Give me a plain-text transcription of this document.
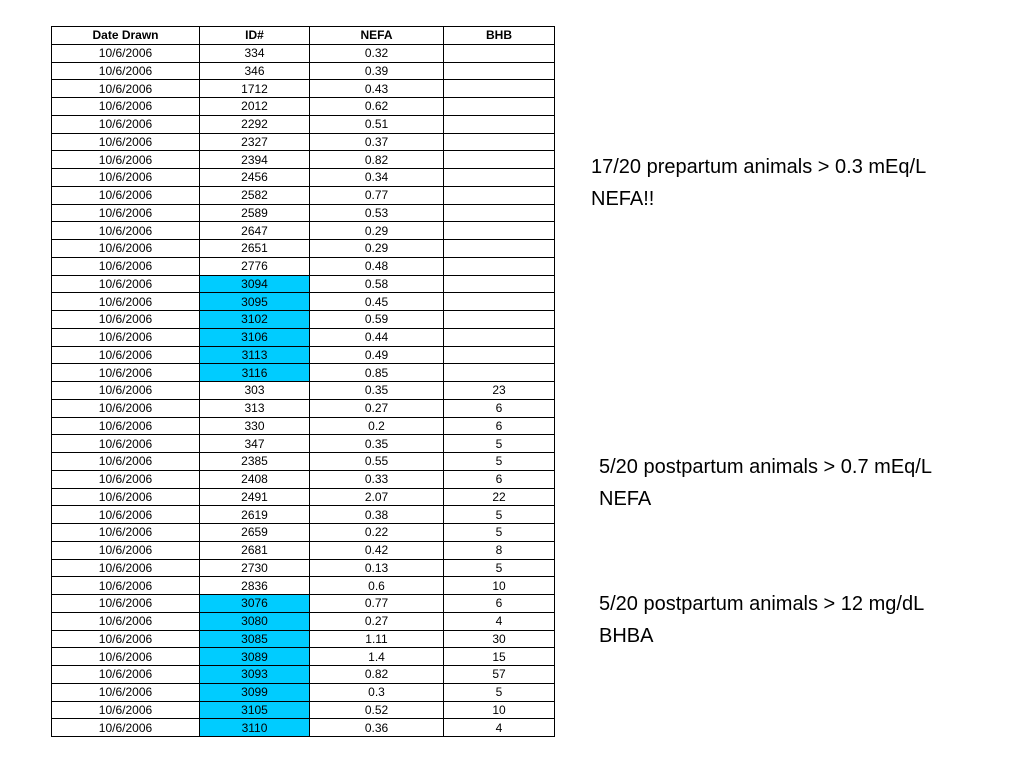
Date Drawn	ID#	NEFA	BHB
10/6/2006	334	0.32	
10/6/2006	346	0.39	
10/6/2006	1712	0.43	
10/6/2006	2012	0.62	
10/6/2006	2292	0.51	
10/6/2006	2327	0.37	
10/6/2006	2394	0.82	
10/6/2006	2456	0.34	
10/6/2006	2582	0.77	
10/6/2006	2589	0.53	
10/6/2006	2647	0.29	
10/6/2006	2651	0.29	
10/6/2006	2776	0.48	
10/6/2006	3094	0.58	
10/6/2006	3095	0.45	
10/6/2006	3102	0.59	
10/6/2006	3106	0.44	
10/6/2006	3113	0.49	
10/6/2006	3116	0.85	
10/6/2006	303	0.35	23
10/6/2006	313	0.27	6
10/6/2006	330	0.2	6
10/6/2006	347	0.35	5
10/6/2006	2385	0.55	5
10/6/2006	2408	0.33	6
10/6/2006	2491	2.07	22
10/6/2006	2619	0.38	5
10/6/2006	2659	0.22	5
10/6/2006	2681	0.42	8
10/6/2006	2730	0.13	5
10/6/2006	2836	0.6	10
10/6/2006	3076	0.77	6
10/6/2006	3080	0.27	4
10/6/2006	3085	1.11	30
10/6/2006	3089	1.4	15
10/6/2006	3093	0.82	57
10/6/2006	3099	0.3	5
10/6/2006	3105	0.52	10
10/6/2006	3110	0.36	4

17/20 prepartum animals > 0.3 mEq/L NEFA!!

5/20 postpartum animals > 0.7 mEq/L NEFA

5/20 postpartum animals > 12 mg/dL BHBA
